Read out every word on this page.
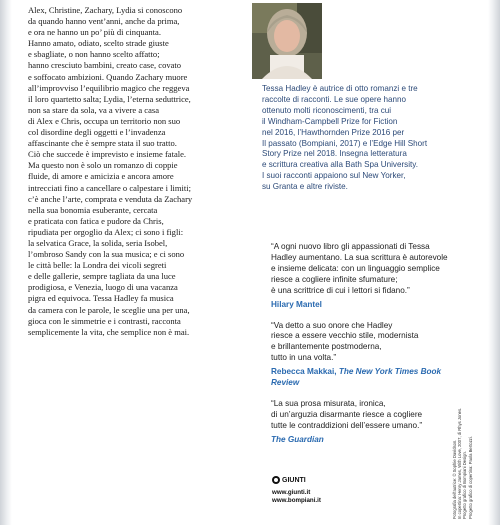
Alex, Christine, Zachary, Lydia si conoscono

da quando hanno vent’anni, anche da prima,

e ora ne hanno un po’ più di cinquanta.

Hanno amato, odiato, scelto strade giuste

e sbagliate, o non hanno scelto affatto;

hanno cresciuto bambini, creato case, covato

e soffocato ambizioni. Quando Zachary muore

all’improvviso l’equilibrio magico che reggeva

il loro quartetto salta; Lydia, l’eterna seduttrice,

non sa stare da sola, va a vivere a casa

di Alex e Chris, occupa un territorio non suo

col disordine degli oggetti e l’invadenza

affascinante che è sempre stata il suo tratto.

Ciò che succede è imprevisto e insieme fatale.

Ma questo non è solo un romanzo di coppie

fluide, di amore e amicizia e ancora amore

intrecciati fino a cancellare o calpestare i limiti;

c’è anche l’arte, comprata e venduta da Zachary

nella sua bonomia esuberante, cercata

e praticata con fatica e pudore da Chris,

ripudiata per orgoglio da Alex; ci sono i figli:

la selvatica Grace, la solida, seria Isobel,

l’ombroso Sandy con la sua musica; e ci sono

le città belle: la Londra dei vicoli segreti

e delle gallerie, sempre tagliata da una luce

prodigiosa, e Venezia, luogo di una vacanza

pigra ed equivoca. Tessa Hadley fa musica

da camera con le parole, le sceglie una per una,

gioca con le simmetrie e i contrasti, racconta

semplicemente la vita, che semplice non è mai.

Tessa Hadley è autrice di otto romanzi e tre

raccolte di racconti. Le sue opere hanno

ottenuto molti riconoscimenti, tra cui

il Windham-Campbell Prize for Fiction

nel 2016, l’Hawthornden Prize 2016 per

Il passato (Bompiani, 2017) e l’Edge Hill Short

Story Prize nel 2018. Insegna letteratura

e scrittura creativa alla Bath Spa University.

I suoi racconti appaiono sul New Yorker,

su Granta e altre riviste.

“A ogni nuovo libro gli appassionati di Tessa

Hadley aumentano. La sua scrittura è autorevole

e insieme delicata: con un linguaggio semplice

riesce a cogliere infinite sfumature;

è una scrittrice di cui i lettori si fidano.”

Hilary Mantel

“Va detto a suo onore che Hadley

riesce a essere vecchio stile, modernista

e brillantemente postmoderna,

tutto in una volta.”

Rebecca Makkai, The New York Times Book Review

“La sua prosa misurata, ironica,

di un’arguzia disarmante riesce a cogliere

tutte le contraddizioni dell’essere umano.”

The Guardian

GIUNTI
www.giunti.it
www.bompiani.it	Fotografia dell’autrice: © Sophie Davidson. In copertina: Henry James, With Love, 2007, di Rhys Jones. Progetto grafico di Bompiani Design. Progetto grafico di copertina: Paola Bertozzi.
